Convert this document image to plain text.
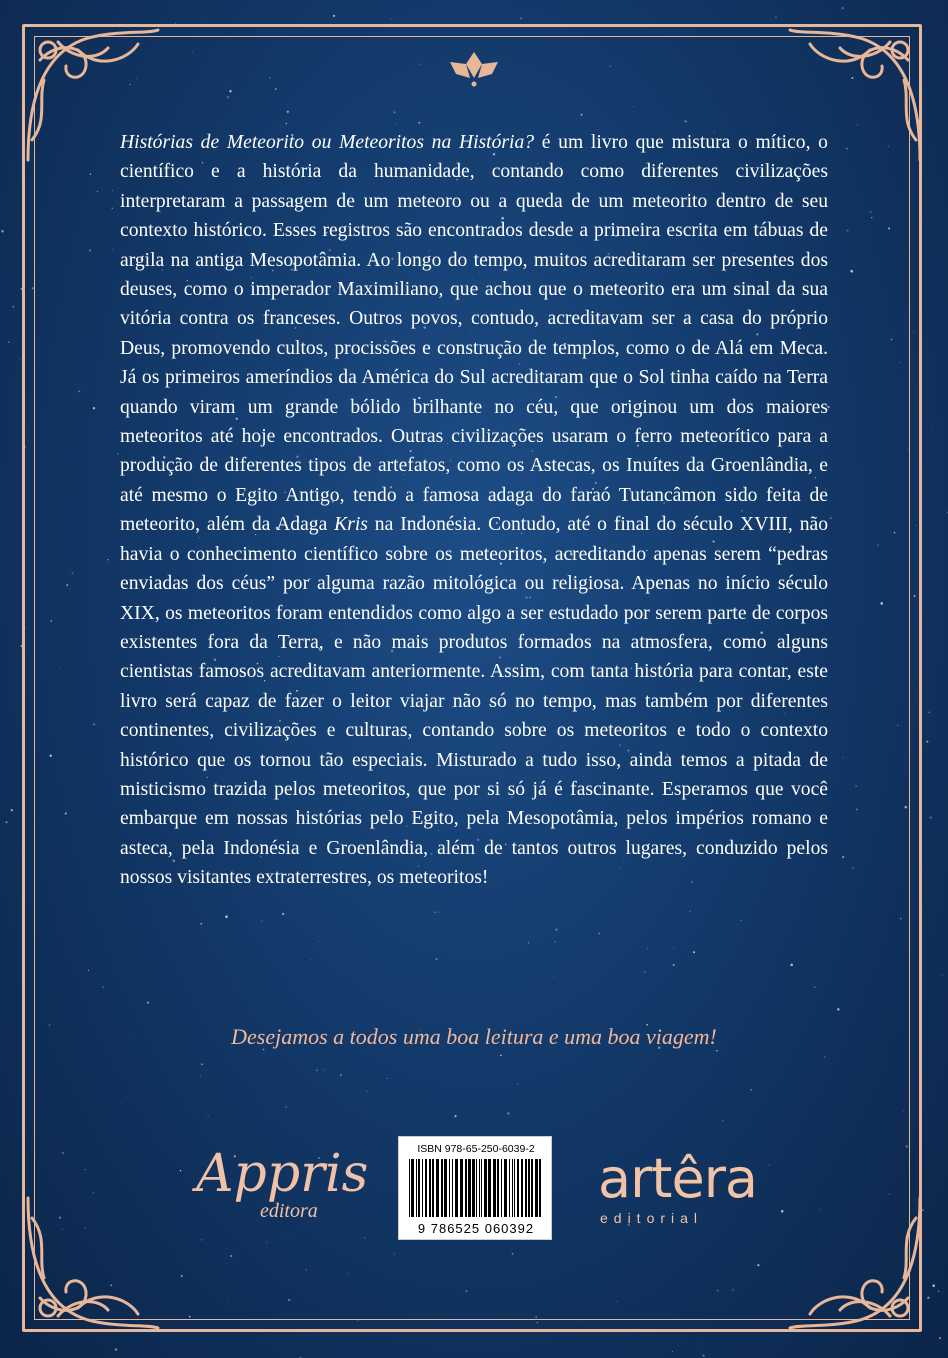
Histórias de Meteorito ou Meteoritos na História? é um livro que mistura o mítico, o científico e a história da humanidade, contando como diferentes civilizações interpretaram a passagem de um meteoro ou a queda de um meteorito dentro de seu contexto histórico. Esses registros são encontrados desde a primeira escrita em tábuas de argila na antiga Mesopotâmia. Ao longo do tempo, muitos acreditaram ser presentes dos deuses, como o imperador Maximiliano, que achou que o meteorito era um sinal da sua vitória contra os franceses. Outros povos, contudo, acreditavam ser a casa do próprio Deus, promovendo cultos, procissões e construção de templos, como o de Alá em Meca. Já os primeiros ameríndios da América do Sul acreditaram que o Sol tinha caído na Terra quando viram um grande bólido brilhante no céu, que originou um dos maiores meteoritos até hoje encontrados. Outras civilizações usaram o ferro meteorítico para a produção de diferentes tipos de artefatos, como os Astecas, os Inuítes da Groenlândia, e até mesmo o Egito Antigo, tendo a famosa adaga do faraó Tutancâmon sido feita de meteorito, além da Adaga Kris na Indonésia. Contudo, até o final do século XVIII, não havia o conhecimento científico sobre os meteoritos, acreditando apenas serem “pedras enviadas dos céus” por alguma razão mitológica ou religiosa. Apenas no início século XIX, os meteoritos foram entendidos como algo a ser estudado por serem parte de corpos existentes fora da Terra, e não mais produtos formados na atmosfera, como alguns cientistas famosos acreditavam anteriormente. Assim, com tanta história para contar, este livro será capaz de fazer o leitor viajar não só no tempo, mas também por diferentes continentes, civilizações e culturas, contando sobre os meteoritos e todo o contexto histórico que os tornou tão especiais. Misturado a tudo isso, ainda temos a pitada de misticismo trazida pelos meteoritos, que por si só já é fascinante. Esperamos que você embarque em nossas histórias pelo Egito, pela Mesopotâmia, pelos impérios romano e asteca, pela Indonésia e Groenlândia, além de tantos outros lugares, conduzido pelos nossos visitantes extraterrestres, os meteoritos!
Desejamos a todos uma boa leitura e uma boa viagem!
Appris
editora
ISBN 978-65-250-6039-2
9 786525 060392
artêra
editorial
